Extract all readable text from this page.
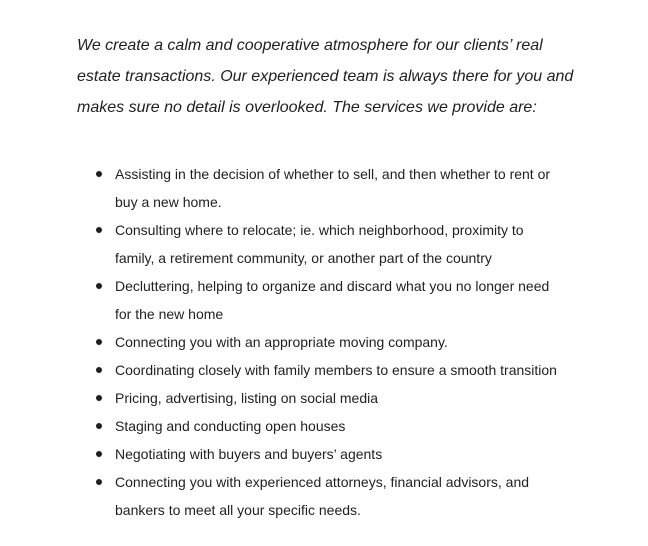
We create a calm and cooperative atmosphere for our clients’ real estate transactions. Our experienced team is always there for you and makes sure no detail is overlooked. The services we provide are:

Assisting in the decision of whether to sell, and then whether to rent or buy a new home.
Consulting where to relocate; ie. which neighborhood, proximity to family, a retirement community, or another part of the country
Decluttering, helping to organize and discard what you no longer need for the new home
Connecting you with an appropriate moving company.
Coordinating closely with family members to ensure a smooth transition
Pricing, advertising, listing on social media
Staging and conducting open houses
Negotiating with buyers and buyers’ agents
Connecting you with experienced attorneys, financial advisors, and bankers to meet all your specific needs.
